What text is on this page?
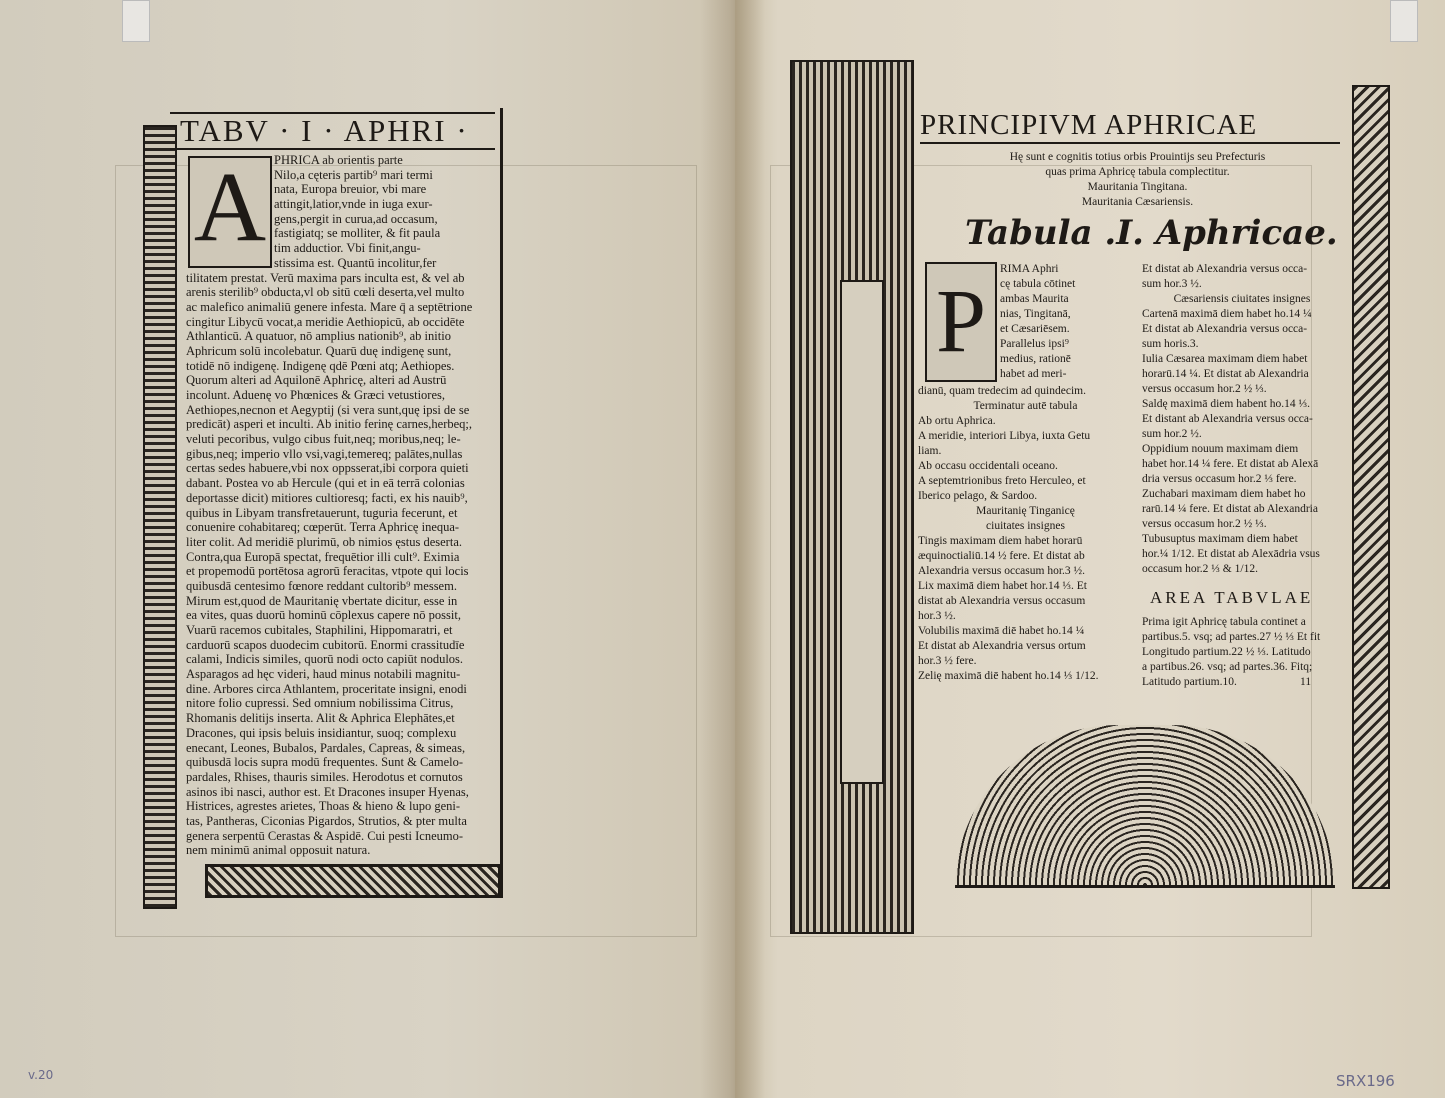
TABV · I · APHRI ·
A PHRICA ab orientis parte
Nilo,a cęteris partib⁹ mari termi
nata, Europa breuior, vbi mare
attingit,latior,vnde in iuga exur-
gens,pergit in curua,ad occasum,
fastigiatq; se molliter, & fit paula
tim adductior. Vbi finit,angu-
stissima est. Quantū incolitur,fer
tilitatem prestat. Verū maxima pars inculta est, & vel ab
arenis sterilib⁹ obducta,vl ob sitū cœli deserta,vel multo
ac malefico animaliū genere infesta. Mare q̄ a septētrione
cingitur Libycū vocat,a meridie Aethiopicū, ab occidēte
Athlanticū. A quatuor, nō amplius nationib⁹, ab initio
Aphricum solū incolebatur. Quarū duę indigenę sunt,
totidē nō indigenę. Indigenę qdē Pœni atq; Aethiopes.
Quorum alteri ad Aquilonē Aphricę, alteri ad Austrū
incolunt. Aduenę vo Phœnices & Græci vetustiores,
Aethiopes,necnon et Aegyptij (si vera sunt,quę ipsi de se
predicāt) asperi et inculti. Ab initio ferinę carnes,herbeq;,
veluti pecoribus, vulgo cibus fuit,neq; moribus,neq; le-
gibus,neq; imperio vllo vsi,vagi,temereq; palātes,nullas
certas sedes habuere,vbi nox oppsserat,ibi corpora quieti
dabant. Postea vo ab Hercule (qui et in eā terrā colonias
deportasse dicit) mitiores cultioresq; facti, ex his nauib⁹,
quibus in Libyam transfretauerunt, tuguria fecerunt, et
conuenire cohabitareq; cœperūt. Terra Aphricę inequa-
liter colit. Ad meridiē plurimū, ob nimios ęstus deserta.
Contra,qua Europā spectat, frequētior illi cult⁹. Eximia
et propemodū portētosa agrorū feracitas, vtpote qui locis
quibusdā centesimo fœnore reddant cultorib⁹ messem.
Mirum est,quod de Mauritanię vbertate dicitur, esse in
ea vites, quas duorū hominū cōplexus capere nō possit,
Vuarū racemos cubitales, Staphilini, Hippomaratri, et
carduorū scapos duodecim cubitorū. Enormi crassitudīe
calami, Indicis similes, quorū nodi octo capiūt nodulos.
Asparagos ad hęc videri, haud minus notabili magnitu-
dine. Arbores circa Athlantem, proceritate insigni, enodi
nitore folio cupressi. Sed omnium nobilissima Citrus,
Rhomanis delitijs inserta. Alit & Aphrica Elephātes,et
Dracones, qui ipsis beluis insidiantur, suoq; complexu
enecant, Leones, Bubalos, Pardales, Capreas, & simeas,
quibusdā locis supra modū frequentes. Sunt & Camelo-
pardales, Rhises, thauris similes. Herodotus et cornutos
asinos ibi nasci, author est. Et Dracones insuper Hyenas,
Histrices, agrestes arietes, Thoas & hieno & lupo geni-
tas, Pantheras, Ciconias Pigardos, Strutios, & pter multa
genera serpentū Cerastas & Aspidē. Cui pesti Icneumo-
nem minimū animal opposuit natura.
PRINCIPIVM APHRICAE
Hę sunt e cognitis totius orbis Prouintijs seu Prefecturis
quas prima Aphricę tabula complectitur.
Mauritania Tingitana.
Mauritania Cæsariensis.
Tabula .I. Aphricae.
P
RIMA Aphri
cę tabula cōtinet
ambas Maurita
nias, Tingitanā,
et Cæsariēsem.
Parallelus ipsi⁹
medius, rationē
habet ad meri-
dianū, quam tredecim ad quindecim.
Terminatur autē tabula
Ab ortu Aphrica.
A meridie, interiori Libya, iuxta Getu
liam.
Ab occasu occidentali oceano.
A septemtrionibus freto Herculeo, et
Iberico pelago, & Sardoo.
Mauritanię Tinganicę
ciuitates insignes
Tingis maximam diem habet horarū
æquinoctialiū.14 ½ fere. Et distat ab
Alexandria versus occasum hor.3 ½.
Lix maximā diem habet hor.14 ⅓. Et
distat ab Alexandria versus occasum
hor.3 ½.
Volubilis maximā diē habet ho.14 ¼
Et distat ab Alexandria versus ortum
hor.3 ½ fere.
Zelię maximā diē habent ho.14 ⅓ 1/12.
Et distat ab Alexandria versus occa-
sum hor.3 ½.
Cæsariensis ciuitates insignes
Cartenā maximā diem habet ho.14 ¼
Et distat ab Alexandria versus occa-
sum horis.3.
Iulia Cæsarea maximam diem habet
horarū.14 ¼. Et distat ab Alexandria
versus occasum hor.2 ½ ⅓.
Saldę maximā diem habent ho.14 ⅓.
Et distant ab Alexandria versus occa-
sum hor.2 ½.
Oppidium nouum maximam diem
habet hor.14 ¼ fere. Et distat ab Alexā
dria versus occasum hor.2 ⅓ fere.
Zuchabari maximam diem habet ho
rarū.14 ¼ fere. Et distat ab Alexandria
versus occasum hor.2 ½ ⅓.
Tubusuptus maximam diem habet
hor.¼ 1/12. Et distat ab Alexādria vsus
occasum hor.2 ⅓ & 1/12.
AREA TABVLAE
Prima igit Aphricę tabula continet a
partibus.5. vsq; ad partes.27 ½ ⅓ Et fit
Longitudo partium.22 ½ ⅓. Latitudo
a partibus.26. vsq; ad partes.36. Fitq;
Latitudo partium.10.	11
v.20	SRX196
